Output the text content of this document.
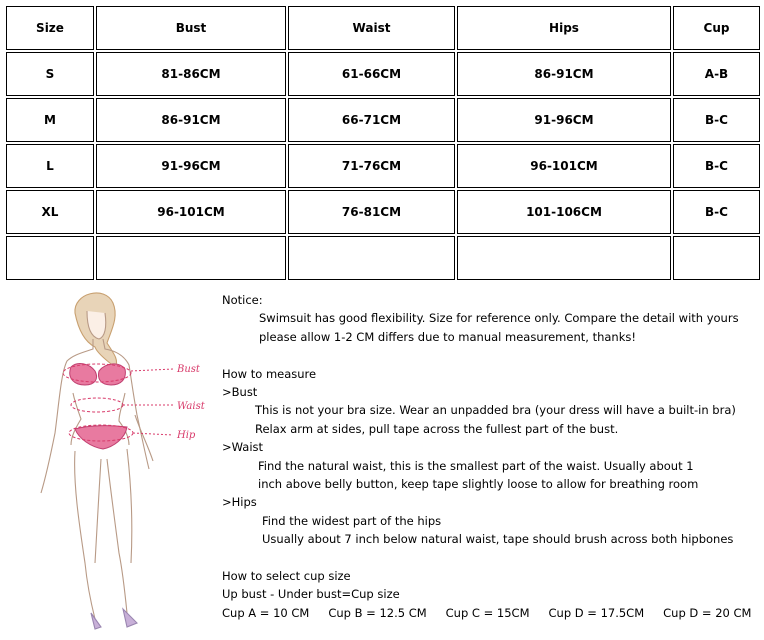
Size	Bust	Waist	Hips	Cup
S	81-86CM	61-66CM	86-91CM	A-B
M	86-91CM	66-71CM	91-96CM	B-C
L	91-96CM	71-76CM	96-101CM	B-C
XL	96-101CM	76-81CM	101-106CM	B-C

Bust
Waist
Hip
Notice:
Swimsuit has good flexibility. Size for reference only. Compare the detail with yours
please allow 1-2 CM differs due to manual measurement, thanks!
How to measure
>Bust
This is not your bra size. Wear an unpadded bra (your dress will have a built-in bra)
Relax arm at sides, pull tape across the fullest part of the bust.
>Waist
Find the natural waist, this is the smallest part of the waist. Usually about 1
inch above belly button, keep tape slightly loose to allow for breathing room
>Hips
Find the widest part of the hips
Usually about 7 inch below natural waist, tape should brush across both hipbones
How to select cup size
Up bust - Under bust=Cup size
Cup A = 10 CM Cup B = 12.5 CM Cup C = 15CM Cup D = 17.5CM Cup D = 20 CM
